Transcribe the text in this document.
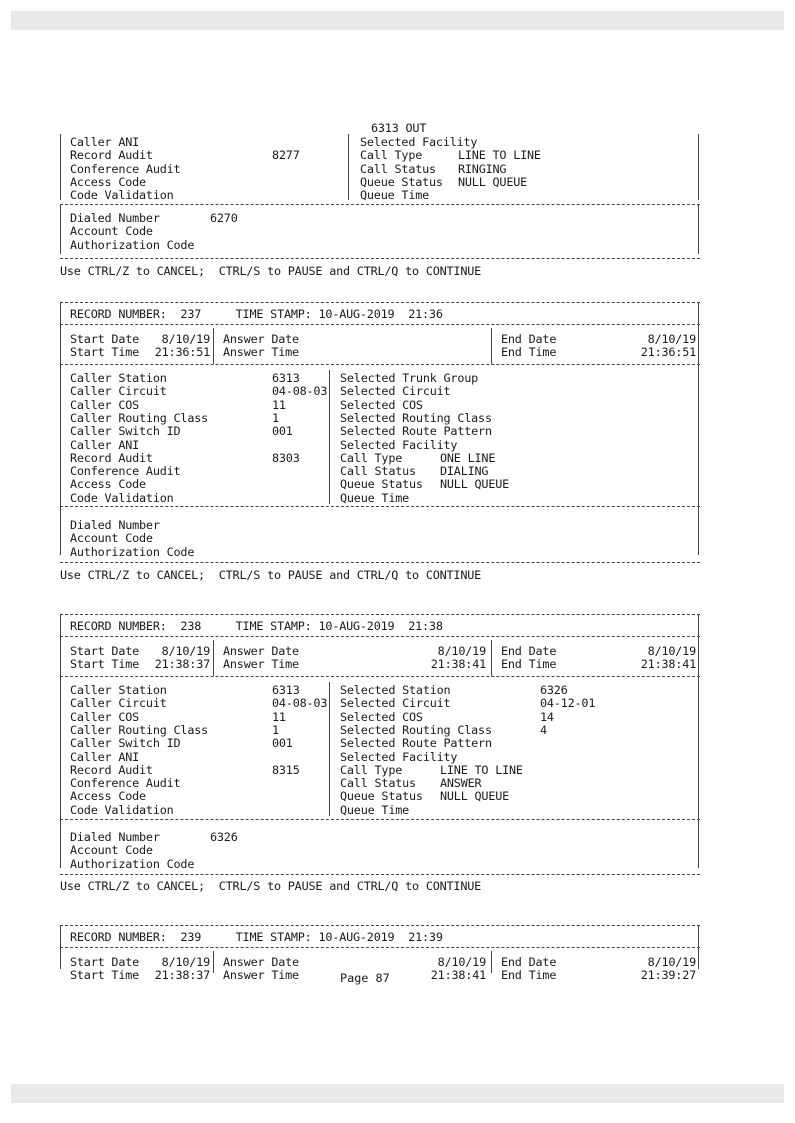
6313 OUT
Caller ANI
Record Audit	8277
Conference Audit
Access Code
Code Validation
Selected Facility
Call Type	LINE TO LINE
Call Status RINGING
Queue Status NULL QUEUE
Queue Time
Dialed Number	6270
Account Code
Authorization Code
Use CTRL/Z to CANCEL;  CTRL/S to PAUSE and CTRL/Q to CONTINUE
RECORD NUMBER:  237     TIME STAMP: 10-AUG-2019  21:36
Start Date	8/10/19
Start Time	21:36:51
Answer Date
Answer Time
End Date	8/10/19
End Time	21:36:51
Caller Station	6313
Caller Circuit	04-08-03
Caller COS	11
Caller Routing Class	1
Caller Switch ID	001
Caller ANI
Record Audit	8303
Conference Audit
Access Code
Code Validation
Selected Trunk Group
Selected Circuit
Selected COS
Selected Routing Class
Selected Route Pattern
Selected Facility
Call Type	ONE LINE
Call Status DIALING
Queue Status NULL QUEUE
Queue Time
Dialed Number
Account Code
Authorization Code
Use CTRL/Z to CANCEL;  CTRL/S to PAUSE and CTRL/Q to CONTINUE
RECORD NUMBER:  238     TIME STAMP: 10-AUG-2019  21:38
Start Date	8/10/19
Start Time	21:38:37
Answer Date	8/10/19
Answer Time	21:38:41
End Date	8/10/19
End Time	21:38:41
Caller Station	6313
Caller Circuit	04-08-03
Caller COS	11
Caller Routing Class	1
Caller Switch ID	001
Caller ANI
Record Audit	8315
Conference Audit
Access Code
Code Validation
Selected Station	6326
Selected Circuit	04-12-01
Selected COS	14
Selected Routing Class	4
Selected Route Pattern
Selected Facility
Call Type	LINE TO LINE
Call Status ANSWER
Queue Status NULL QUEUE
Queue Time
Dialed Number	6326
Account Code
Authorization Code
Use CTRL/Z to CANCEL;  CTRL/S to PAUSE and CTRL/Q to CONTINUE
RECORD NUMBER:  239     TIME STAMP: 10-AUG-2019  21:39
Start Date	8/10/19
Start Time	21:38:37
Answer Date	8/10/19
Answer Time	21:38:41
End Date	8/10/19
End Time	21:39:27
Page 87
